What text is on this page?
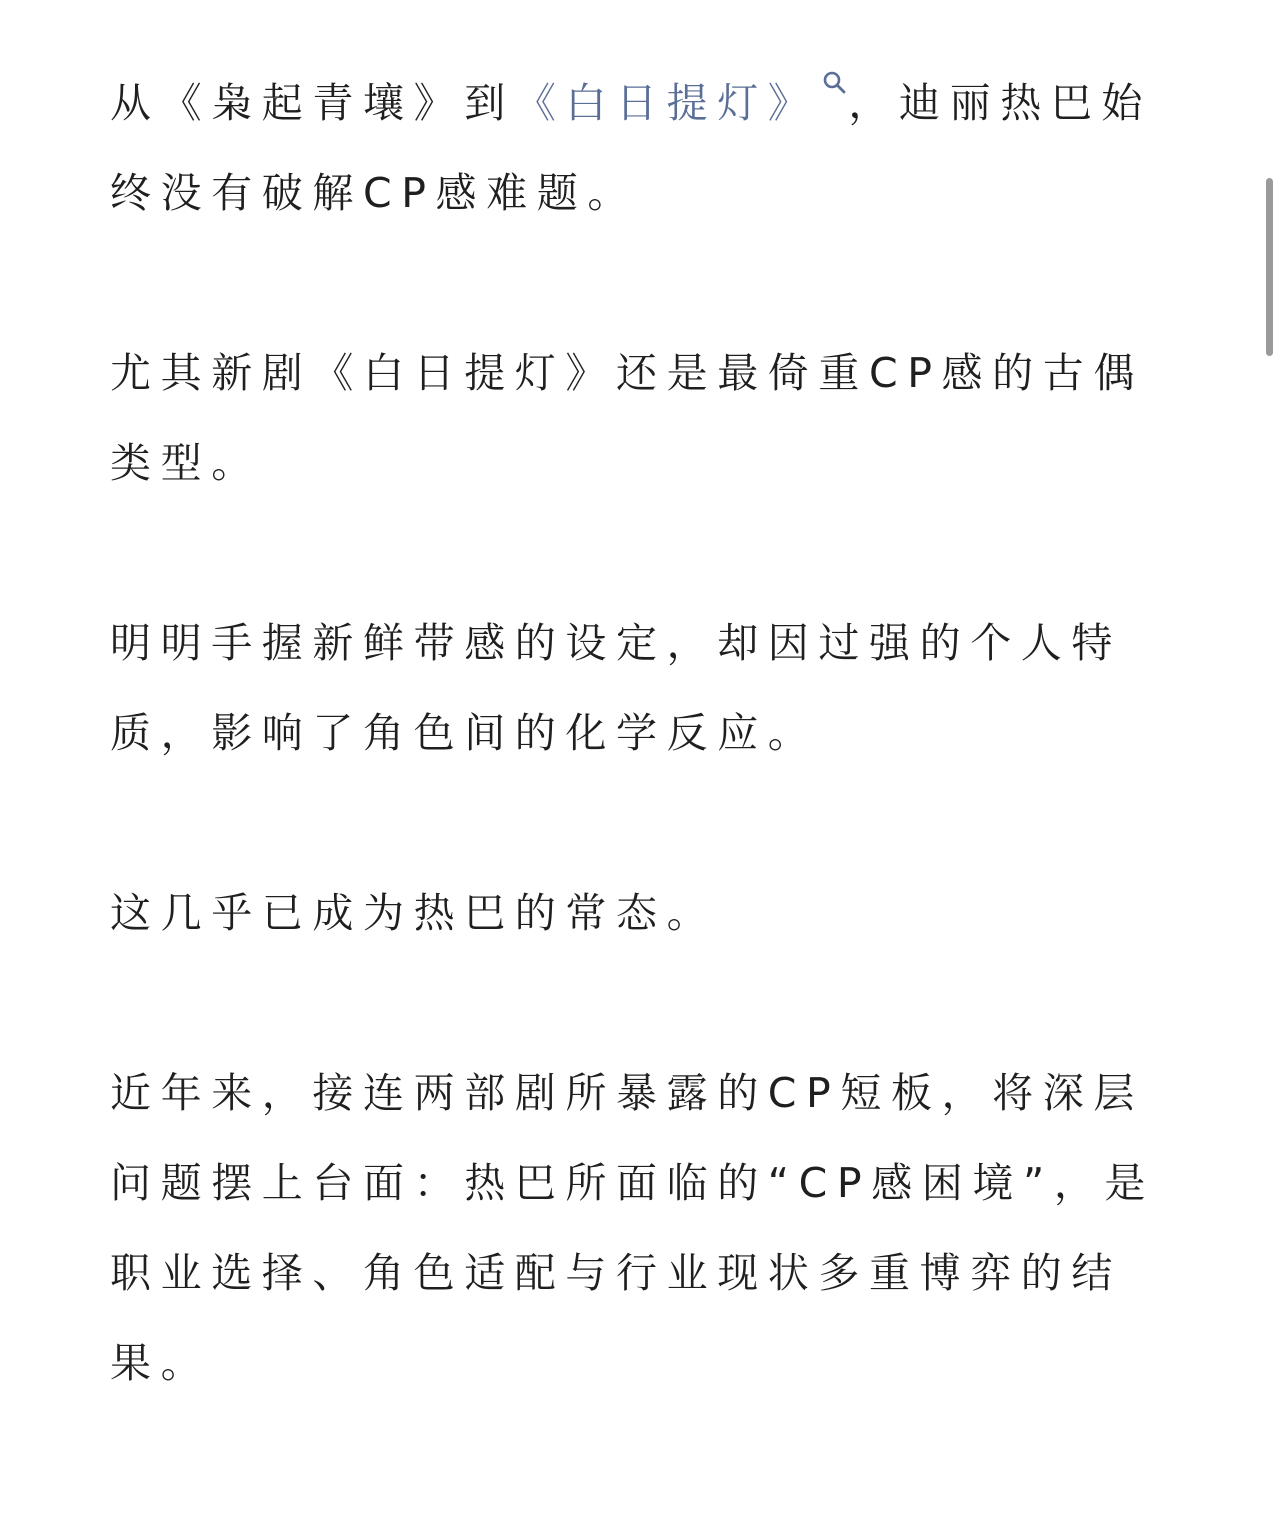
从《枭起青壤》到《白日提灯》 ，迪丽热巴始
终没有破解CP感难题。

尤其新剧《白日提灯》还是最倚重CP感的古偶
类型。

明明手握新鲜带感的设定，却因过强的个人特
质，影响了角色间的化学反应。

这几乎已成为热巴的常态。

近年来，接连两部剧所暴露的CP短板，将深层
问题摆上台面：热巴所面临的“CP感困境”，是
职业选择、角色适配与行业现状多重博弈的结
果。
